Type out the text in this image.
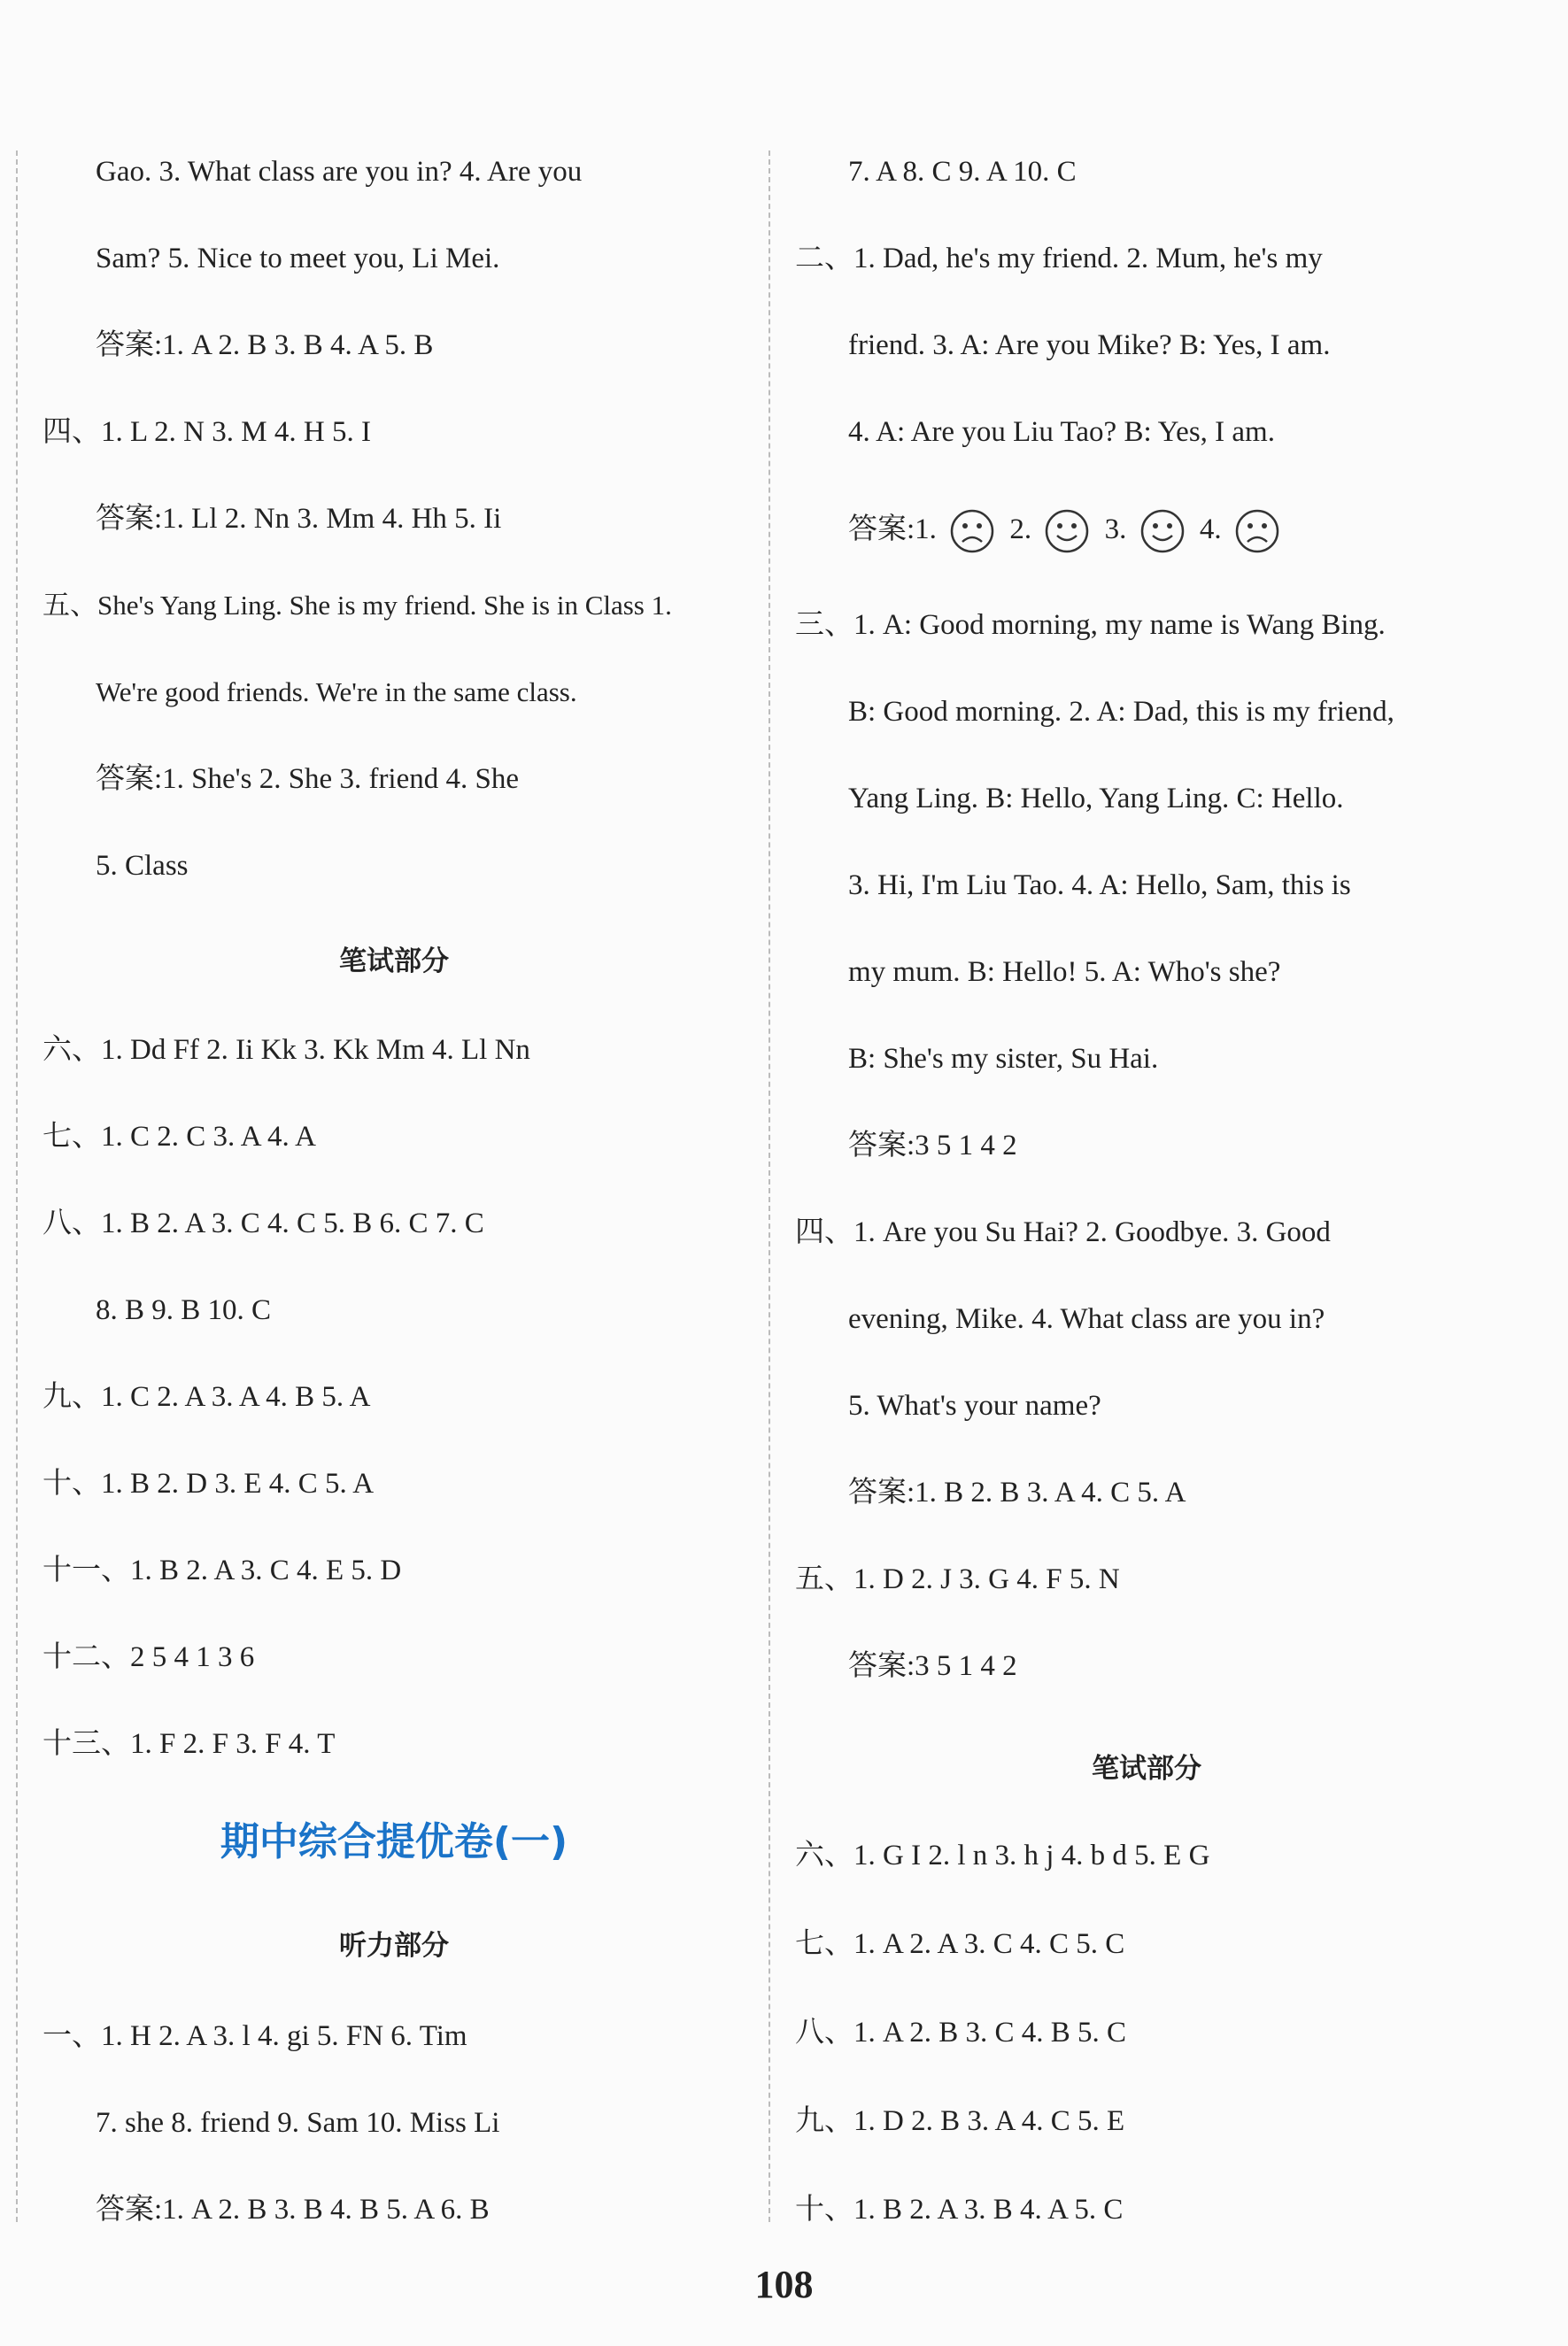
Gao. 3. What class are you in? 4. Are you
Sam? 5. Nice to meet you, Li Mei.
答案:1. A 2. B 3. B 4. A 5. B
四、1. L 2. N 3. M 4. H 5. I
答案:1. Ll 2. Nn 3. Mm 4. Hh 5. Ii
五、She's Yang Ling. She is my friend. She is in Class 1.
We're good friends. We're in the same class.
答案:1. She's 2. She 3. friend 4. She
5. Class
笔试部分
六、1. Dd Ff 2. Ii Kk 3. Kk Mm 4. Ll Nn
七、1. C 2. C 3. A 4. A
八、1. B 2. A 3. C 4. C 5. B 6. C 7. C
8. B 9. B 10. C
九、1. C 2. A 3. A 4. B 5. A
十、1. B 2. D 3. E 4. C 5. A
十一、1. B 2. A 3. C 4. E 5. D
十二、2 5 4 1 3 6
十三、1. F 2. F 3. F 4. T
期中综合提优卷(一)
听力部分
一、1. H 2. A 3. l 4. gi 5. FN 6. Tim
7. she 8. friend 9. Sam 10. Miss Li
答案:1. A 2. B 3. B 4. B 5. A 6. B
7. A 8. C 9. A 10. C
二、1. Dad, he's my friend. 2. Mum, he's my
friend. 3. A: Are you Mike? B: Yes, I am.
4. A: Are you Liu Tao? B: Yes, I am.
答案:1.	2.	3.	4.
三、1. A: Good morning, my name is Wang Bing.
B: Good morning. 2. A: Dad, this is my friend,
Yang Ling. B: Hello, Yang Ling. C: Hello.
3. Hi, I'm Liu Tao. 4. A: Hello, Sam, this is
my mum. B: Hello! 5. A: Who's she?
B: She's my sister, Su Hai.
答案:3 5 1 4 2
四、1. Are you Su Hai? 2. Goodbye. 3. Good
evening, Mike. 4. What class are you in?
5. What's your name?
答案:1. B 2. B 3. A 4. C 5. A
五、1. D 2. J 3. G 4. F 5. N
答案:3 5 1 4 2
笔试部分
六、1. G I 2. l n 3. h j 4. b d 5. E G
七、1. A 2. A 3. C 4. C 5. C
八、1. A 2. B 3. C 4. B 5. C
九、1. D 2. B 3. A 4. C 5. E
十、1. B 2. A 3. B 4. A 5. C
108
